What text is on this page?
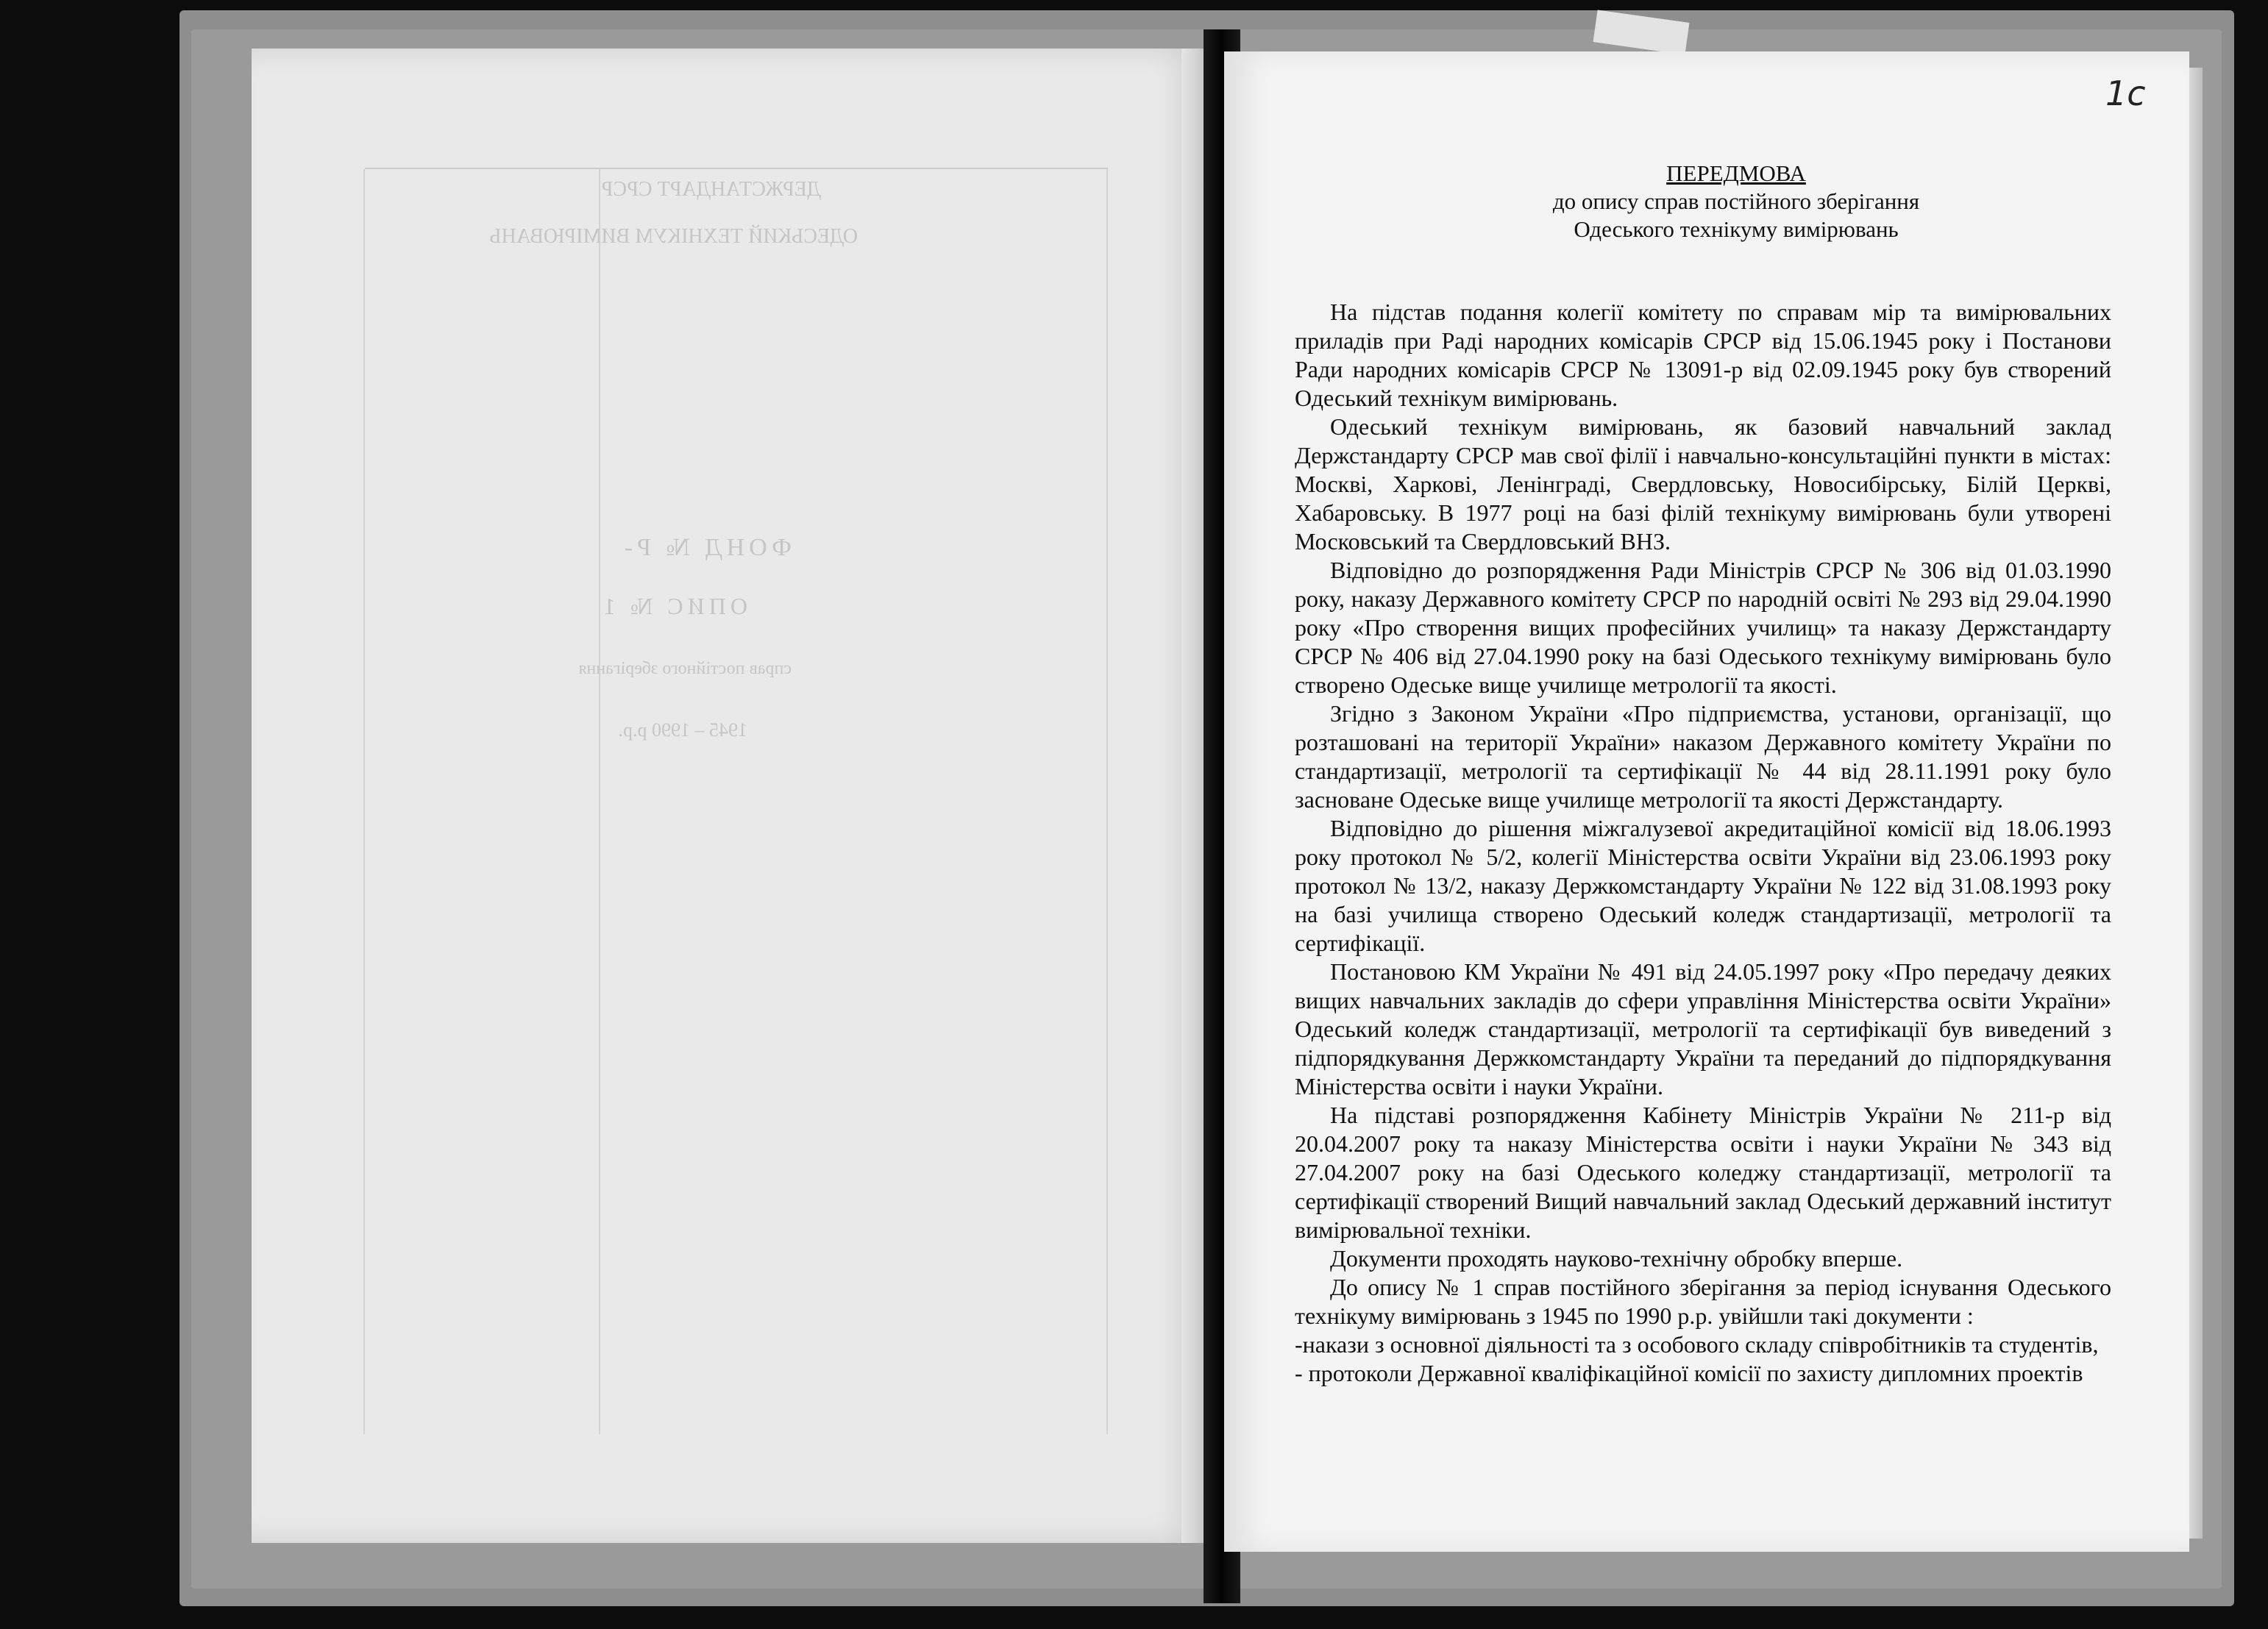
ДЕРЖСТАНДАРТ СРСР
ОДЕСЬКИЙ ТЕХНІКУМ ВИМІРЮВАНЬ
ФОНД № Р-
ОПИС № 1
справ постійного зберігання
1945 – 1990 р.р.
1с
ПЕРЕДМОВА
до опису справ постійного зберігання
Одеського технікуму вимірювань

На підстав подання колегії комітету по справам мір та вимірювальних приладів при Раді народних комісарів СРСР від 15.06.1945 року і Постанови Ради народних комісарів СРСР № 13091-р від 02.09.1945 року був створений Одеський технікум вимірювань.

Одеський технікум вимірювань, як базовий навчальний заклад Держстандарту СРСР мав свої філії і навчально-консультаційні пункти в містах: Москві, Харкові, Ленінграді, Свердловську, Новосибірську, Білій Церкві, Хабаровську. В 1977 році на базі філій технікуму вимірювань були утворені Московський та Свердловський ВНЗ.

Відповідно до розпорядження Ради Міністрів СРСР № 306 від 01.03.1990 року, наказу Державного комітету СРСР по народній освіті № 293 від 29.04.1990 року «Про створення вищих професійних училищ» та наказу Держстандарту СРСР № 406 від 27.04.1990 року на базі Одеського технікуму вимірювань було створено Одеське вище училище метрології та якості.

Згідно з Законом України «Про підприємства, установи, організації, що розташовані на території України» наказом Державного комітету України по стандартизації, метрології та сертифікації № 44 від 28.11.1991 року було засноване Одеське вище училище метрології та якості Держстандарту.

Відповідно до рішення міжгалузевої акредитаційної комісії від 18.06.1993 року протокол № 5/2, колегії Міністерства освіти України від 23.06.1993 року протокол № 13/2, наказу Держкомстандарту України № 122 від 31.08.1993 року на базі училища створено Одеський коледж стандартизації, метрології та сертифікації.

Постановою КМ України № 491 від 24.05.1997 року «Про передачу деяких вищих навчальних закладів до сфери управління Міністерства освіти України» Одеський коледж стандартизації, метрології та сертифікації був виведений з підпорядкування Держкомстандарту України та переданий до підпорядкування Міністерства освіти і науки України.

На підставі розпорядження Кабінету Міністрів України № 211-р від 20.04.2007 року та наказу Міністерства освіти і науки України № 343 від 27.04.2007 року на базі Одеського коледжу стандартизації, метрології та сертифікації створений Вищий навчальний заклад Одеський державний інститут вимірювальної техніки.

Документи проходять науково-технічну обробку вперше.

До опису № 1 справ постійного зберігання за період існування Одеського технікуму вимірювань з 1945 по 1990 р.р. увійшли такі документи :

-накази з основної діяльності та з особового складу співробітників та студентів,

- протоколи Державної кваліфікаційної комісії по захисту дипломних проектів
